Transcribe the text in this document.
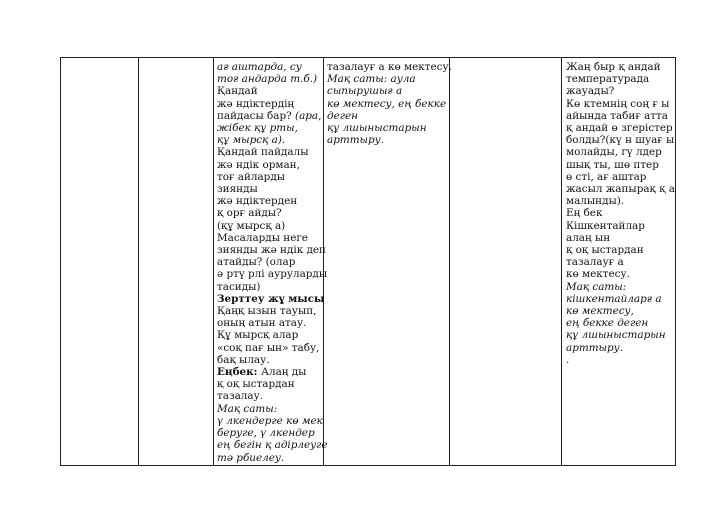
ағ аштарда, су

тоғ андарда т.б.)

Қандай

жә ндіктердің

пайдасы бар? (ара,

жібек құ рты,

құ мырсқ а).

Қандай пайдалы

жә ндік орман,

тоғ айларды

зиянды

жә ндіктерден

қ орғ айды?

(құ мырсқ а)

Масаларды неге

зиянды жә ндік деп

атайды? (олар

ә ртү рлі ауруларды

тасиды)

Зерттеу жұ мысы

Қаңқ ызын тауып,

оның атын атау.

Құ мырсқ алар

«соқ пағ ын» табу,

бақ ылау.

Еңбек: Алаң ды

қ оқ ыстардан

тазалау.

Мақ саты:

ү лкендерге кө мек

беруге, ү лкендер

ең бегін қ адірлеуге

тә рбиелеу.

тазалауғ а кө мектесу.

Мақ саты: аула

сыпырушығ а

кө мектесу, ең бекке

деген

құ лшыныстарын

арттыру.

Жаң быр қ андай

температурада

жауады?

Кө ктемнің соң ғ ы

айында табиғ атта

қ андай ө згерістер

болды?(кү н шуағ ы

молайды, гү лдер

шық ты, шө птер

ө сті, ағ аштар

жасыл жапырақ қ а

малынды).

Ең бек

Кішкентайлар

алаң ын

қ оқ ыстардан

тазалауғ а

кө мектесу.

Мақ саты:

кішкентайларғ а

кө мектесу,

ең бекке деген

құ лшыныстарын

арттыру.

.
